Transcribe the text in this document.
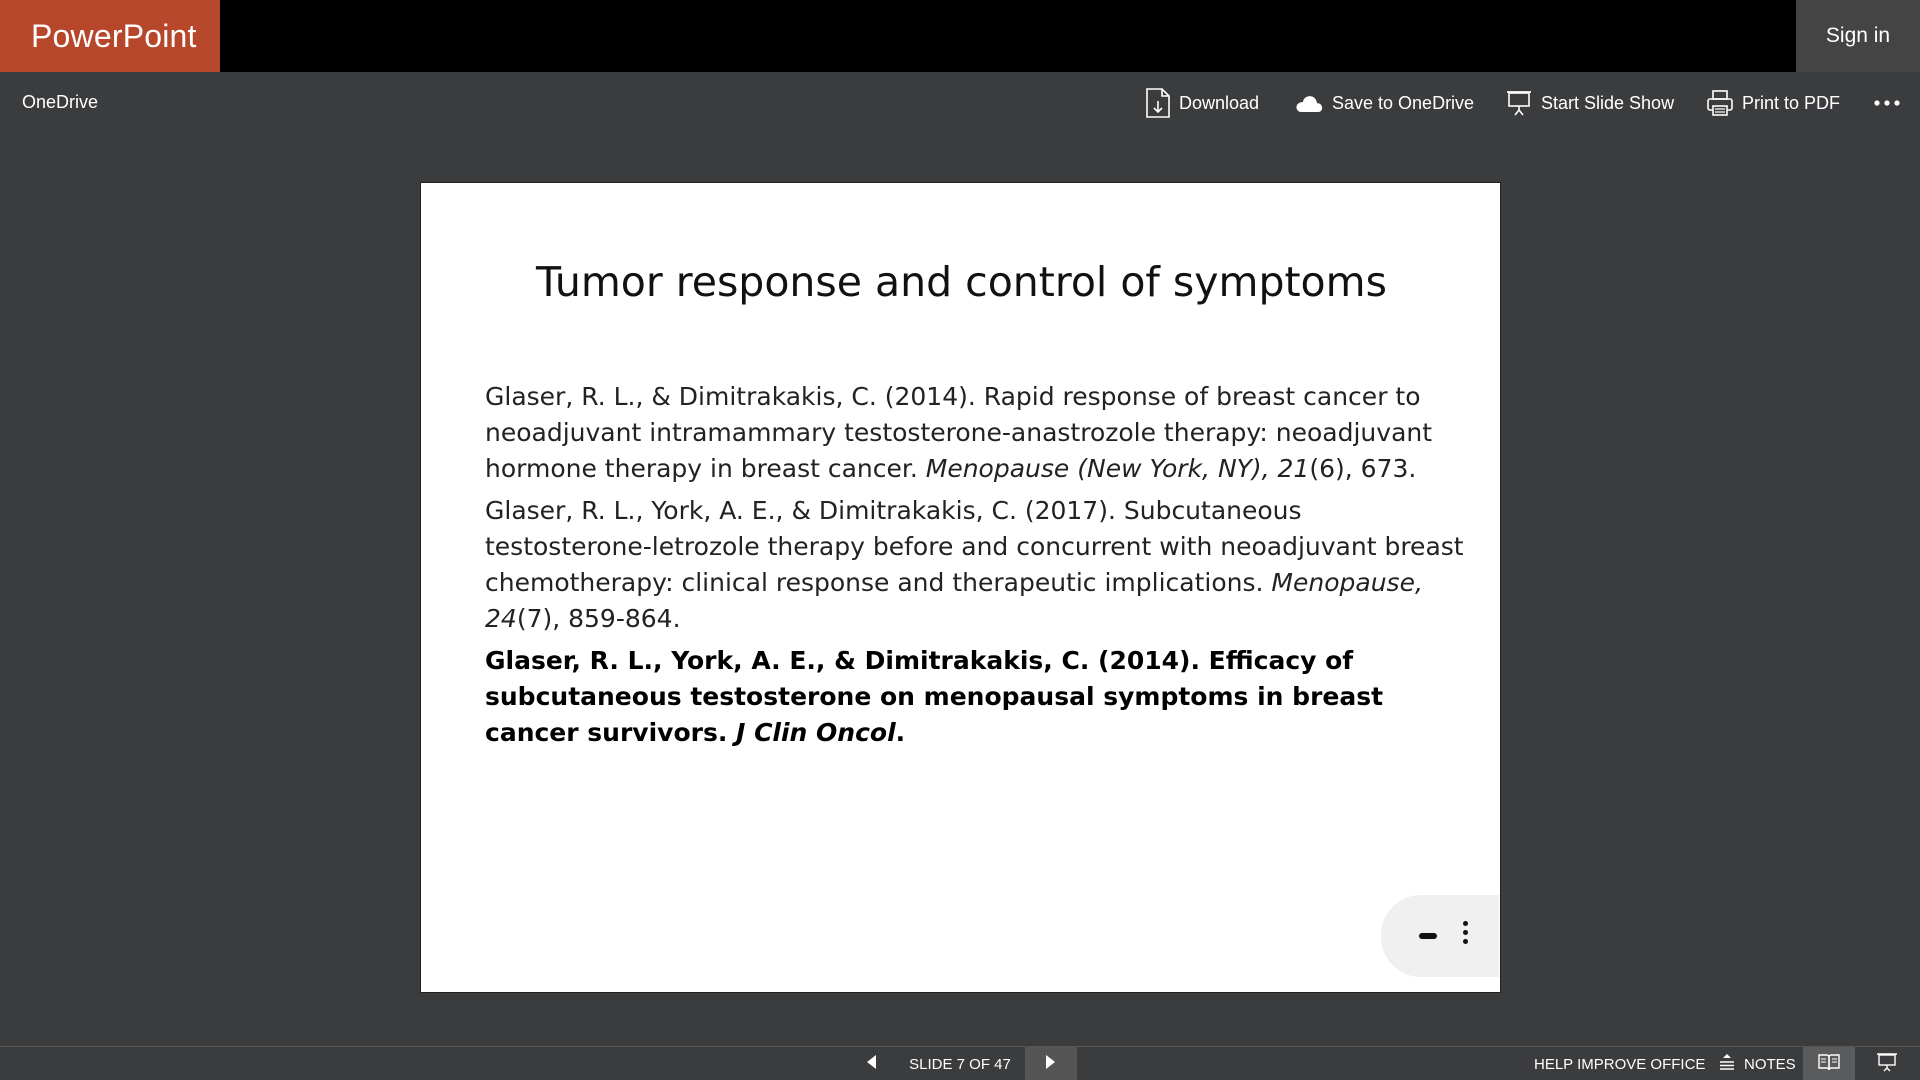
PowerPoint	Sign in
OneDrive	Download	Save to OneDrive	Start Slide Show	Print to PDF
Tumor response and control of symptoms

Glaser, R. L., & Dimitrakakis, C. (2014). Rapid response of breast cancer to neoadjuvant intramammary testosterone-anastrozole therapy: neoadjuvant hormone therapy in breast cancer. Menopause (New York, NY), 21(6), 673.

Glaser, R. L., York, A. E., & Dimitrakakis, C. (2017). Subcutaneous testosterone-letrozole therapy before and concurrent with neoadjuvant breast chemotherapy: clinical response and therapeutic implications. Menopause, 24(7), 859-864.

Glaser, R. L., York, A. E., & Dimitrakakis, C. (2014). Efficacy of subcutaneous testosterone on menopausal symptoms in breast cancer survivors. J Clin Oncol.

SLIDE 7 OF 47	HELP IMPROVE OFFICE	NOTES
